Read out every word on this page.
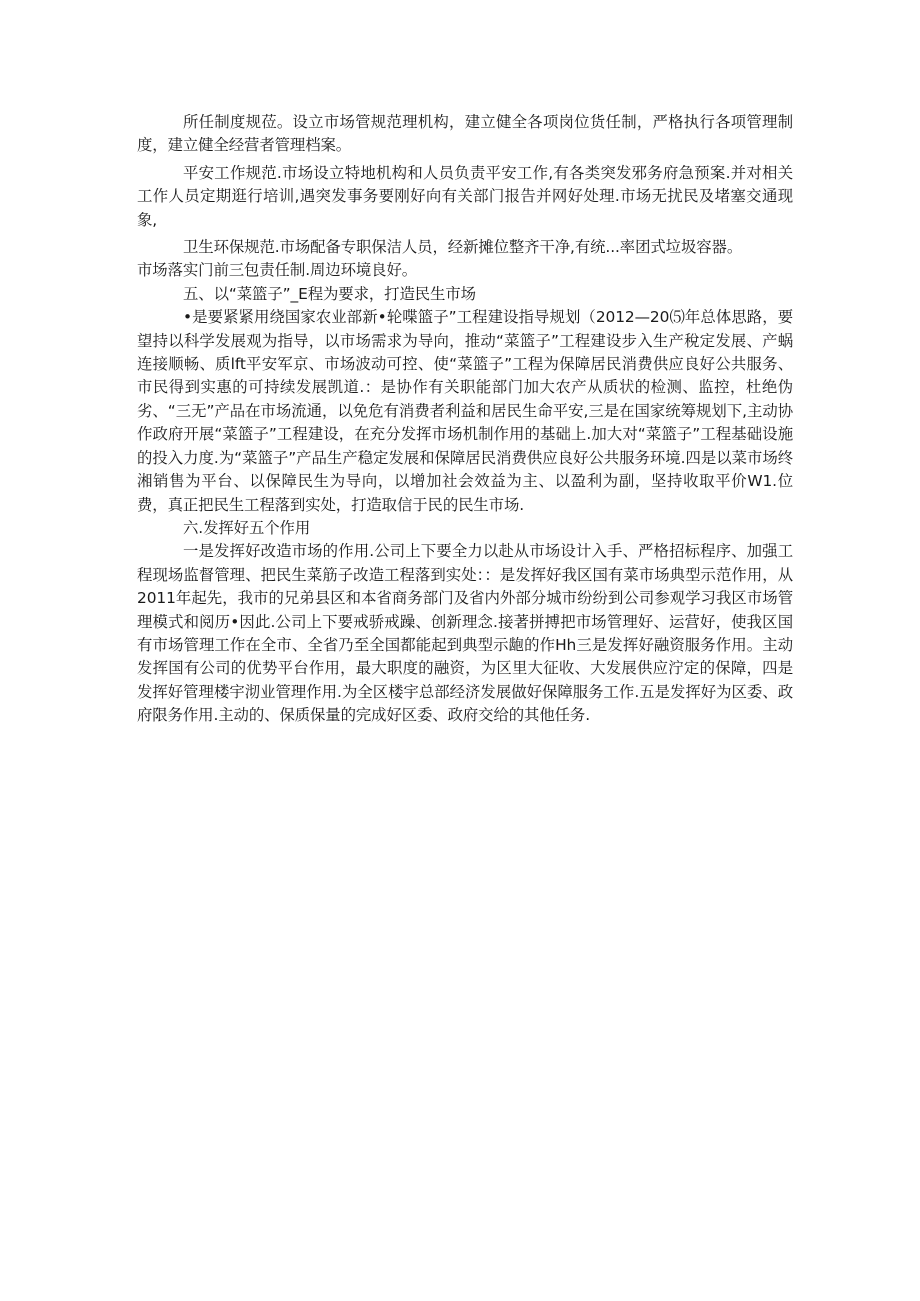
所任制度规莅。设立市场管规范理机构，建立健全各项岗位货任制，严格执行各项管理制度，建立健全经营者管理档案。

平安工作规范.市场设立特地机构和人员负责平安工作,有各类突发邪务府急预案.并对相关工作人员定期逛行培训,遇突发事务要刚好向有关部门报告并网好处理.市场无扰民及堵塞交通现象,

卫生环保规范.市场配备专职保洁人员，经新摊位整齐干净,有统...率团式垃圾容器。

市场落实门前三包责任制.周边环境良好。

五、以“菜篮子”_E程为要求，打造民生市场

•是要紧紧用绕国家农业部新•轮喋篮子”工程建设指导规划（2012—20⑸年总体思路，要望持以科学发展观为指导，以市场需求为导向，推动“菜篮子”工程建设步入生产稅定发展、产蜗连接顺畅、质lft平安军京、市场波动可控、使“菜篮子”工程为保障居民消费供应良好公共服务、市民得到实惠的可持续发展凯道.：是协作有关职能部门加大农产从质状的检测、监控，杜绝伪劣、“三无”产品在市场流通，以免危有消费者利益和居民生命平安,三是在国家统筹规划下,主动协作政府开展“菜篮子”工程建设，在充分发挥市场机制作用的基础上.加大对“菜篮子”工程基础设施的投入力度.为“菜篮子”产品生产稳定发展和保障居民消费供应良好公共服务环境.四是以菜市场终湘销售为平台、以保障民生为导向，以增加社会效益为主、以盈利为副，坚持收取平价W1.位费，真正把民生工程落到实处，打造取信于民的民生市场.

六.发挥好五个作用

一是发挥好改造市场的作用.公司上下要全力以赴从市场设计入手、严格招标程序、加强工程现场监督管理、把民生菜筋子改造工程落到实处：：是发挥好我区国有菜市场典型示范作用，从2011年起先，我市的兄弟县区和本省商务部门及省内外部分城市纷纷到公司参观学习我区市场管理模式和阅历•因此.公司上下要戒骄戒躁、创新理念.接著拼搏把市场管理好、运营好，使我区国有市场管理工作在全市、全省乃至全国都能起到典型示龅的作Hh三是发挥好融资服务作用。主动发挥国有公司的优势平台作用，最大职度的融资，为区里大征收、大发展供应泞定的保障，四是发挥好管理楼宇沏业管理作用.为全区楼宇总部经济发展做好保障服务工作.五是发挥好为区委、政府限务作用.主动的、保质保量的完成好区委、政府交给的其他任务.
